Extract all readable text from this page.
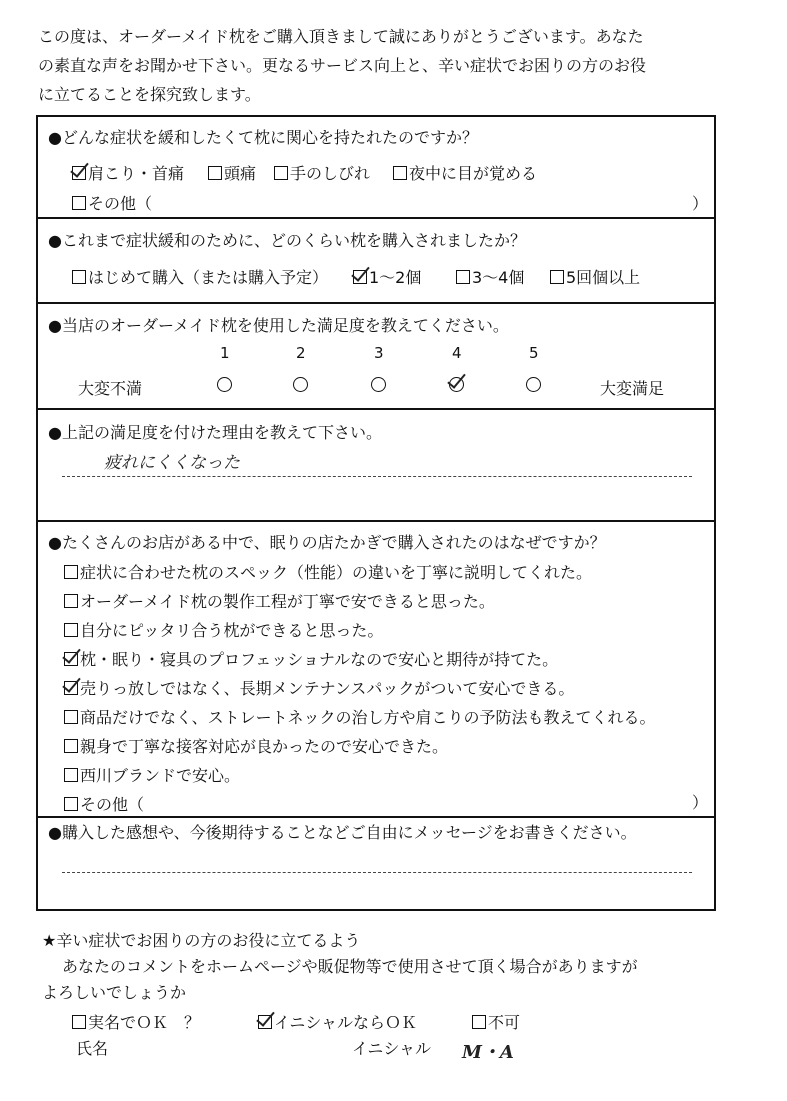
この度は、オーダーメイド枕をご購入頂きまして誠にありがとうございます。あなた
の素直な声をお聞かせ下さい。更なるサービス向上と、辛い症状でお困りの方のお役
に立てることを探究致します。
●どんな症状を緩和したくて枕に関心を持たれたのですか？
肩こり・首痛	頭痛	手のしびれ	夜中に目が覚める
その他（	）
●これまで症状緩和のために、どのくらい枕を購入されましたか？
はじめて購入（または購入予定）	1～2個	3～4個	5回個以上
●当店のオーダーメイド枕を使用した満足度を教えてください。
1	2	3	4	5
大変不満	大変満足
●上記の満足度を付けた理由を教えて下さい。
疲れにくくなった
●たくさんのお店がある中で、眠りの店たかぎで購入されたのはなぜですか？
症状に合わせた枕のスペック（性能）の違いを丁寧に説明してくれた。
オーダーメイド枕の製作工程が丁寧で安できると思った。
自分にピッタリ合う枕ができると思った。
枕・眠り・寝具のプロフェッショナルなので安心と期待が持てた。
売りっ放しではなく、長期メンテナンスパックがついて安心できる。
商品だけでなく、ストレートネックの治し方や肩こりの予防法も教えてくれる。
親身で丁寧な接客対応が良かったので安心できた。
西川ブランドで安心。
その他（	）
●購入した感想や、今後期待することなどご自由にメッセージをお書きください。
★辛い症状でお困りの方のお役に立てるよう
あなたのコメントをホームページや販促物等で使用させて頂く場合がありますが
よろしいでしょうか
実名でＯＫ　？	イニシャルならＯＫ	不可
氏名	イニシャル M・A
